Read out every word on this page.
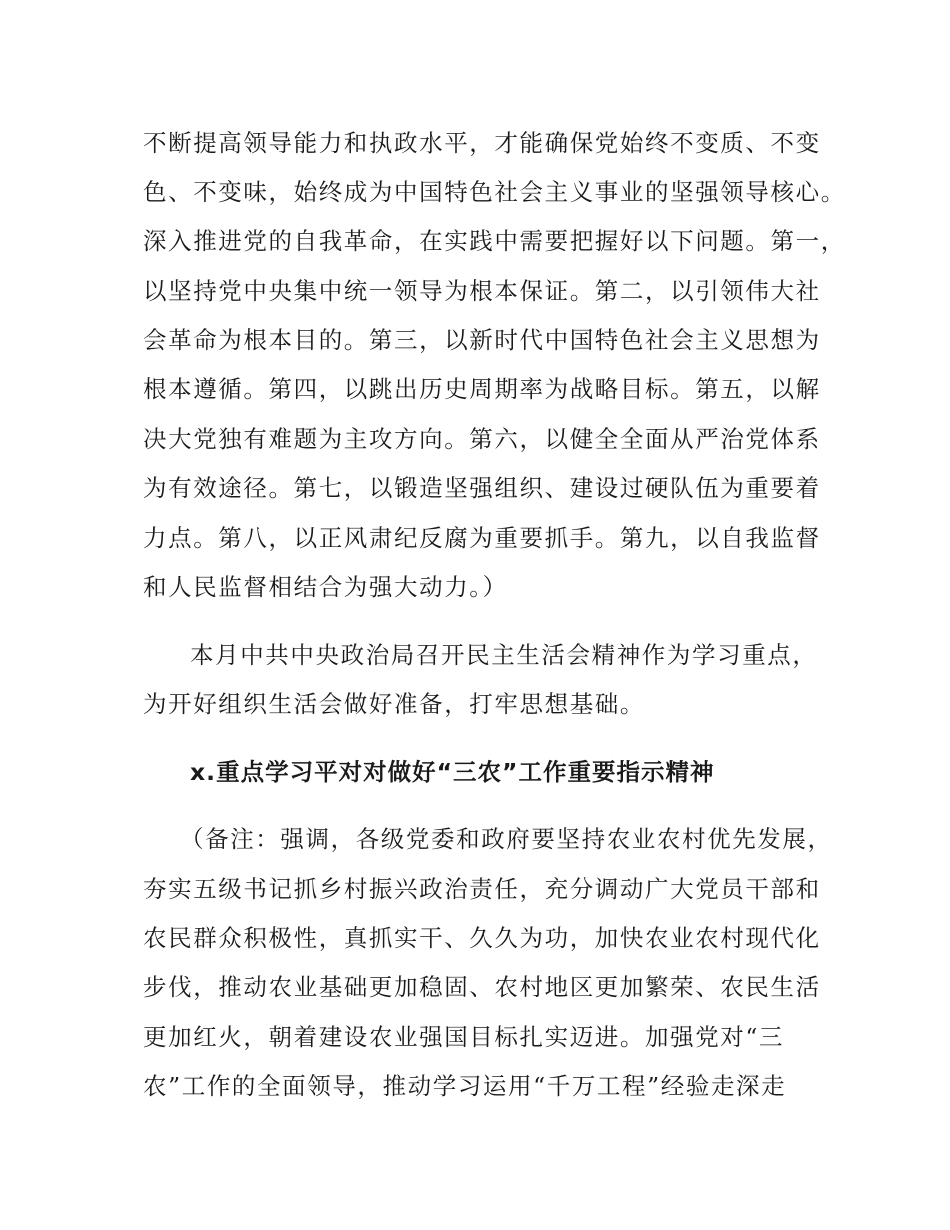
不断提高领导能力和执政水平，才能确保党始终不变质、不变
色、不变味，始终成为中国特色社会主义事业的坚强领导核心。
深入推进党的自我革命，在实践中需要把握好以下问题。第一，
以坚持党中央集中统一领导为根本保证。第二，以引领伟大社
会革命为根本目的。第三，以新时代中国特色社会主义思想为
根本遵循。第四，以跳出历史周期率为战略目标。第五，以解
决大党独有难题为主攻方向。第六，以健全全面从严治党体系
为有效途径。第七，以锻造坚强组织、建设过硬队伍为重要着
力点。第八，以正风肃纪反腐为重要抓手。第九，以自我监督
和人民监督相结合为强大动力。）
本月中共中央政治局召开民主生活会精神作为学习重点，
为开好组织生活会做好准备，打牢思想基础。
x.重点学习平对对做好“三农”工作重要指示精神
（备注：强调，各级党委和政府要坚持农业农村优先发展，
夯实五级书记抓乡村振兴政治责任，充分调动广大党员干部和
农民群众积极性，真抓实干、久久为功，加快农业农村现代化
步伐，推动农业基础更加稳固、农村地区更加繁荣、农民生活
更加红火，朝着建设农业强国目标扎实迈进。加强党对“三
农”工作的全面领导，推动学习运用“千万工程”经验走深走
